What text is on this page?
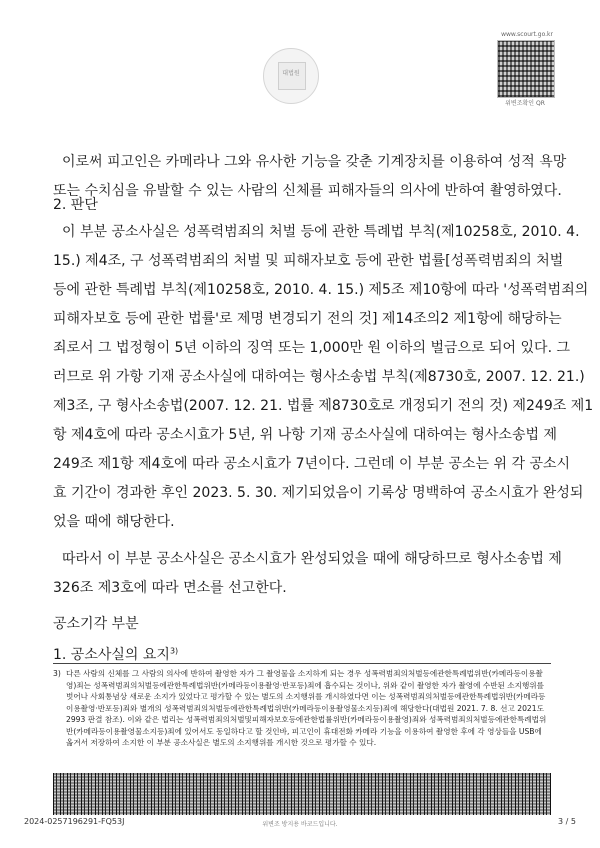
대법원
www.scourt.go.kr
위변조확인 QR
이로써 피고인은 카메라나 그와 유사한 기능을 갖춘 기계장치를 이용하여 성적 욕망
또는 수치심을 유발할 수 있는 사람의 신체를 피해자들의 의사에 반하여 촬영하였다.
2. 판단
이 부분 공소사실은 성폭력범죄의 처벌 등에 관한 특례법 부칙(제10258호, 2010. 4.
15.) 제4조, 구 성폭력범죄의 처벌 및 피해자보호 등에 관한 법률[성폭력범죄의 처벌
등에 관한 특례법 부칙(제10258호, 2010. 4. 15.) 제5조 제10항에 따라 '성폭력범죄의
피해자보호 등에 관한 법률'로 제명 변경되기 전의 것] 제14조의2 제1항에 해당하는
죄로서 그 법정형이 5년 이하의 징역 또는 1,000만 원 이하의 벌금으로 되어 있다. 그
러므로 위 가항 기재 공소사실에 대하여는 형사소송법 부칙(제8730호, 2007. 12. 21.)
제3조, 구 형사소송법(2007. 12. 21. 법률 제8730호로 개정되기 전의 것) 제249조 제1
항 제4호에 따라 공소시효가 5년, 위 나항 기재 공소사실에 대하여는 형사소송법 제
249조 제1항 제4호에 따라 공소시효가 7년이다. 그런데 이 부분 공소는 위 각 공소시
효 기간이 경과한 후인 2023. 5. 30. 제기되었음이 기록상 명백하여 공소시효가 완성되
었을 때에 해당한다.
따라서 이 부분 공소사실은 공소시효가 완성되었을 때에 해당하므로 형사소송법 제
326조 제3호에 따라 면소를 선고한다.
공소기각 부분
1. 공소사실의 요지$^{3)}$
3) 다른 사람의 신체를 그 사람의 의사에 반하여 촬영한 자가 그 촬영물을 소지하게 되는 경우 성폭력범죄의처벌등에관한특례법위반(카메라등이용촬영)죄는 성폭력범죄의처벌등에관한특례법위반(카메라등이용촬영·반포등)죄에 흡수되는 것이나, 위와 같이 촬영한 자가 촬영에 수반된 소지행위를 벗어나 사회통념상 새로운 소지가 있었다고 평가할 수 있는 별도의 소지행위를 개시하였다면 이는 성폭력범죄의처벌등에관한특례법위반(카메라등이용촬영·반포등)죄와 별개의 성폭력범죄의처벌등에관한특례법위반(카메라등이용촬영물소지등)죄에 해당한다(대법원 2021. 7. 8. 선고 2021도2993 판결 참조). 이와 같은 법리는 성폭력범죄의처벌및피해자보호등에관한법률위반(카메라등이용촬영)죄와 성폭력범죄의처벌등에관한특례법위반(카메라등이용촬영물소지등)죄에 있어서도 동일하다고 할 것인바, 피고인이 휴대전화 카메라 기능을 이용하여 촬영한 후에 각 영상들을 USB에 옮겨서 저장하여 소지한 이 부분 공소사실은 별도의 소지행위를 개시한 것으로 평가할 수 있다.
2024-0257196291-FQ53J	위변조 방지용 바코드입니다.	3 / 5
